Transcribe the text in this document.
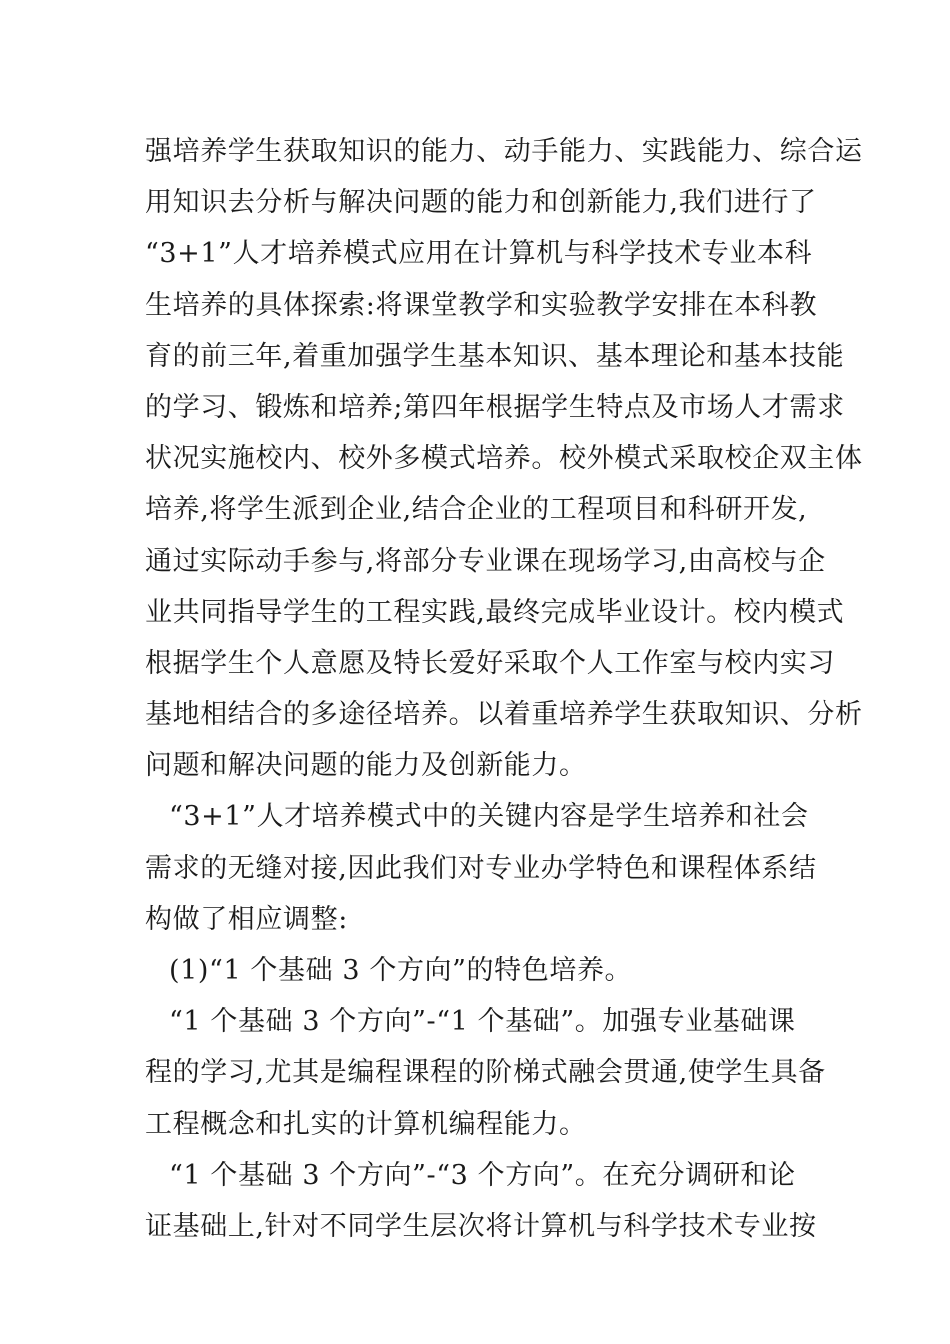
强培养学生获取知识的能力、动手能力、实践能力、综合运
用知识去分析与解决问题的能力和创新能力,我们进行了
“3+1”人才培养模式应用在计算机与科学技术专业本科
生培养的具体探索:将课堂教学和实验教学安排在本科教
育的前三年,着重加强学生基本知识、基本理论和基本技能
的学习、锻炼和培养;第四年根据学生特点及市场人才需求
状况实施校内、校外多模式培养。校外模式采取校企双主体
培养,将学生派到企业,结合企业的工程项目和科研开发,
通过实际动手参与,将部分专业课在现场学习,由高校与企
业共同指导学生的工程实践,最终完成毕业设计。校内模式
根据学生个人意愿及特长爱好采取个人工作室与校内实习
基地相结合的多途径培养。以着重培养学生获取知识、分析
问题和解决问题的能力及创新能力。
“3+1”人才培养模式中的关键内容是学生培养和社会
需求的无缝对接,因此我们对专业办学特色和课程体系结
构做了相应调整:
(1)“1 个基础 3 个方向”的特色培养。
“1 个基础 3 个方向”-“1 个基础”。加强专业基础课
程的学习,尤其是编程课程的阶梯式融会贯通,使学生具备
工程概念和扎实的计算机编程能力。
“1 个基础 3 个方向”-“3 个方向”。在充分调研和论
证基础上,针对不同学生层次将计算机与科学技术专业按
